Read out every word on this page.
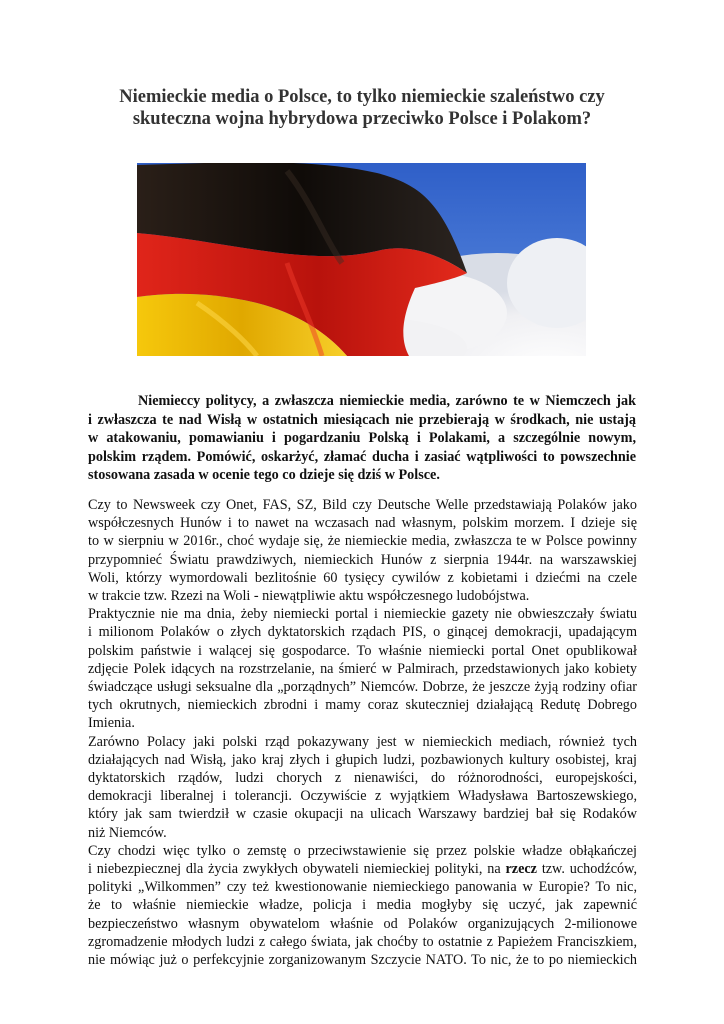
Niemieckie media o Polsce, to tylko niemieckie szaleństwo czy
skuteczna wojna hybrydowa przeciwko Polsce i Polakom?
Niemieccy politycy, a zwłaszcza niemieckie media, zarówno te w Niemczech jak
i zwłaszcza te nad Wisłą w ostatnich miesiącach nie przebierają w środkach, nie ustają
w atakowaniu, pomawianiu i pogardzaniu Polską i Polakami, a szczególnie nowym,
polskim rządem. Pomówić, oskarżyć, złamać ducha i zasiać wątpliwości to powszechnie
stosowana zasada w ocenie tego co dzieje się dziś w Polsce.
Czy to Newsweek czy Onet, FAS, SZ, Bild czy Deutsche Welle przedstawiają Polaków jako
współczesnych Hunów i to nawet na wczasach nad własnym, polskim morzem. I dzieje się
to w sierpniu w 2016r., choć wydaje się, że niemieckie media, zwłaszcza te w Polsce powinny
przypomnieć Światu prawdziwych, niemieckich Hunów z sierpnia 1944r. na warszawskiej
Woli, którzy wymordowali bezlitośnie 60 tysięcy cywilów z kobietami i dziećmi na czele
w trakcie tzw. Rzezi na Woli - niewątpliwie aktu współczesnego ludobójstwa.
Praktycznie nie ma dnia, żeby niemiecki portal i niemieckie gazety nie obwieszczały światu
i milionom Polaków o złych dyktatorskich rządach PIS, o ginącej demokracji, upadającym
polskim państwie i walącej się gospodarce. To właśnie niemiecki portal Onet opublikował
zdjęcie Polek idących na rozstrzelanie, na śmierć w Palmirach, przedstawionych jako kobiety
świadczące usługi seksualne dla „porządnych” Niemców. Dobrze, że jeszcze żyją rodziny ofiar
tych okrutnych, niemieckich zbrodni i mamy coraz skuteczniej działającą Redutę Dobrego
Imienia.
Zarówno Polacy jaki polski rząd pokazywany jest w niemieckich mediach, również tych
działających nad Wisłą, jako kraj złych i głupich ludzi, pozbawionych kultury osobistej, kraj
dyktatorskich rządów, ludzi chorych z nienawiści, do różnorodności, europejskości,
demokracji liberalnej i tolerancji. Oczywiście z wyjątkiem Władysława Bartoszewskiego,
który jak sam twierdził w czasie okupacji na ulicach Warszawy bardziej bał się Rodaków
niż Niemców.
Czy chodzi więc tylko o zemstę o przeciwstawienie się przez polskie władze obłąkańczej
i niebezpiecznej dla życia zwykłych obywateli niemieckiej polityki, na rzecz tzw. uchodźców,
polityki „Wilkommen” czy też kwestionowanie niemieckiego panowania w Europie? To nic,
że to właśnie niemieckie władze, policja i media mogłyby się uczyć, jak zapewnić
bezpieczeństwo własnym obywatelom właśnie od Polaków organizujących 2-milionowe
zgromadzenie młodych ludzi z całego świata, jak choćby to ostatnie z Papieżem Franciszkiem,
nie mówiąc już o perfekcyjnie zorganizowanym Szczycie NATO. To nic, że to po niemieckich
